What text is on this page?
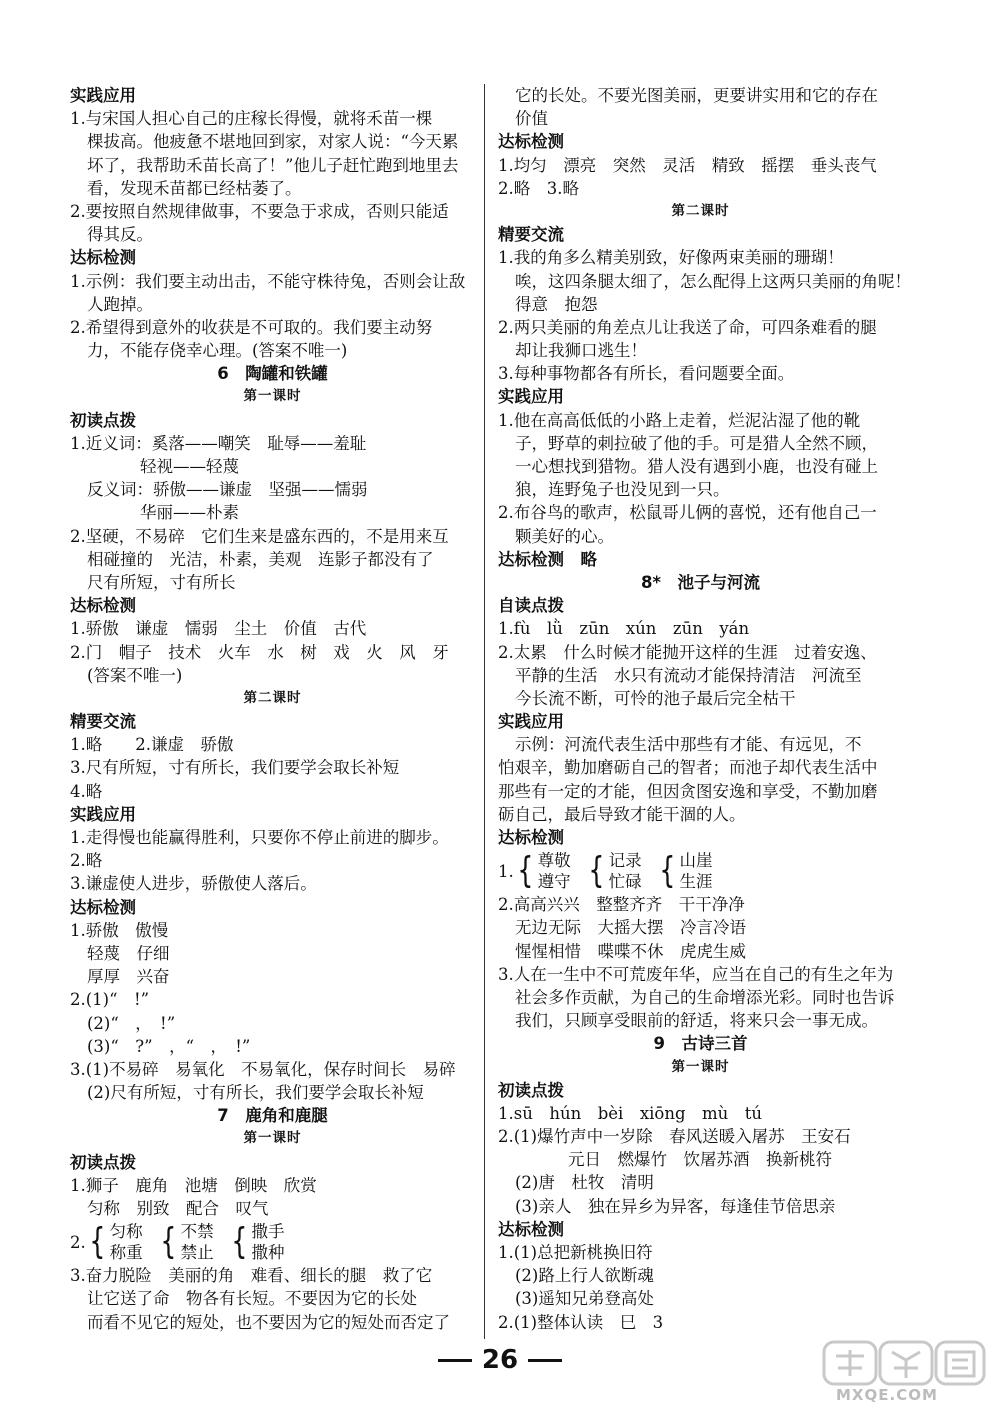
实践应用
1.与宋国人担心自己的庄稼长得慢，就将禾苗一棵
棵拔高。他疲惫不堪地回到家，对家人说：“今天累
坏了，我帮助禾苗长高了！”他儿子赶忙跑到地里去
看，发现禾苗都已经枯萎了。
2.要按照自然规律做事，不要急于求成，否则只能适
得其反。
达标检测
1.示例：我们要主动出击，不能守株待兔，否则会让敌
人跑掉。
2.希望得到意外的收获是不可取的。我们要主动努
力，不能存侥幸心理。(答案不唯一)
6　陶罐和铁罐
第一课时
初读点拨
1.近义词：奚落——嘲笑　耻辱——羞耻
轻视——轻蔑
反义词：骄傲——谦虚　坚强——懦弱
华丽——朴素
2.坚硬，不易碎　它们生来是盛东西的，不是用来互
相碰撞的　光洁，朴素，美观　连影子都没有了
尺有所短，寸有所长
达标检测
1.骄傲　谦虚　懦弱　尘土　价值　古代
2.门　帽子　技术　火车　水　树　戏　火　风　牙
(答案不唯一)
第二课时
精要交流
1.略　　2.谦虚　骄傲
3.尺有所短，寸有所长，我们要学会取长补短
4.略
实践应用
1.走得慢也能赢得胜利，只要你不停止前进的脚步。
2.略
3.谦虚使人进步，骄傲使人落后。
达标检测
1.骄傲　傲慢
轻蔑　仔细
厚厚　兴奋
2.(1)“　!”
(2)“　，　!”
(3)“　?”　，“　，　!”
3.(1)不易碎　易氧化　不易氧化，保存时间长　易碎
(2)尺有所短，寸有所长，我们要学会取长补短
7　鹿角和鹿腿
第一课时
初读点拨
1.狮子　鹿角　池塘　倒映　欣赏
匀称　别致　配合　叹气
2. { 匀称
称重 { 不禁
禁止 { 撒手
撒种
3.奋力脱险　美丽的角　难看、细长的腿　救了它
让它送了命　物各有长短。不要因为它的长处
而看不见它的短处，也不要因为它的短处而否定了
它的长处。不要光图美丽，更要讲实用和它的存在
价值
达标检测
1.均匀　漂亮　突然　灵活　精致　摇摆　垂头丧气
2.略　3.略
第二课时
精要交流
1.我的角多么精美别致，好像两束美丽的珊瑚！
唉，这四条腿太细了，怎么配得上这两只美丽的角呢！
得意　抱怨
2.两只美丽的角差点儿让我送了命，可四条难看的腿
却让我狮口逃生！
3.每种事物都各有所长，看问题要全面。
实践应用
1.他在高高低低的小路上走着，烂泥沾湿了他的靴
子，野草的刺拉破了他的手。可是猎人全然不顾，
一心想找到猎物。猎人没有遇到小鹿，也没有碰上
狼，连野兔子也没见到一只。
2.布谷鸟的歌声，松鼠哥儿俩的喜悦，还有他自己一
颗美好的心。
达标检测　略
8*　池子与河流
自读点拨
1.fù　lǜ　zūn　xún　zūn　yán
2.太累　什么时候才能抛开这样的生涯　过着安逸、
平静的生活　水只有流动才能保持清洁　河流至
今长流不断，可怜的池子最后完全枯干
实践应用
示例：河流代表生活中那些有才能、有远见，不
怕艰辛，勤加磨砺自己的智者；而池子却代表生活中
那些有一定的才能，但因贪图安逸和享受，不勤加磨
砺自己，最后导致才能干涸的人。
达标检测
1. { 尊敬
遵守 { 记录
忙碌 { 山崖
生涯
2.高高兴兴　整整齐齐　干干净净
无边无际　大摇大摆　冷言冷语
惺惺相惜　喋喋不休　虎虎生威
3.人在一生中不可荒废年华，应当在自己的有生之年为
社会多作贡献，为自己的生命增添光彩。同时也告诉
我们，只顾享受眼前的舒适，将来只会一事无成。
9　古诗三首
第一课时
初读点拨
1.sū　hún　bèi　xiōng　mù　tú
2.(1)爆竹声中一岁除　春风送暖入屠苏　王安石
元日　燃爆竹　饮屠苏酒　换新桃符
(2)唐　杜牧　清明
(3)亲人　独在异乡为异客，每逢佳节倍思亲
达标检测
1.(1)总把新桃换旧符
(2)路上行人欲断魂
(3)遥知兄弟登高处
2.(1)整体认读　巳　3
26
MXQE.COM
